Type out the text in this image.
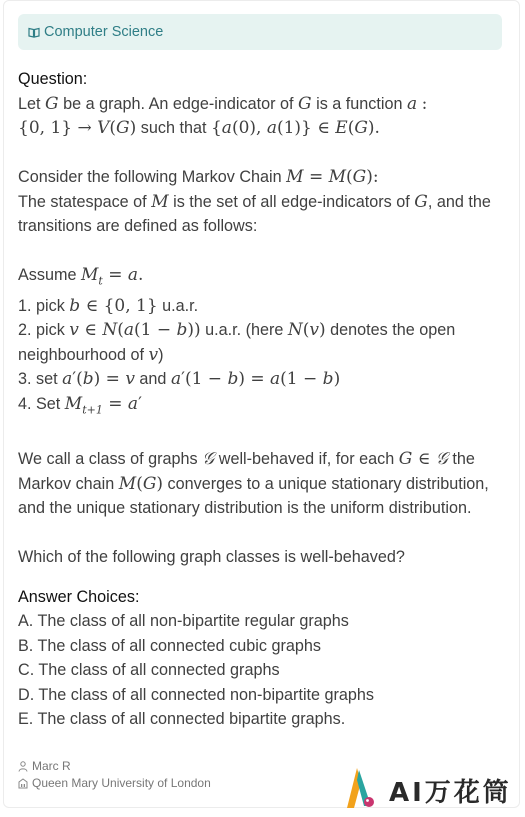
Computer Science
Question:
Let G be a graph. An edge-indicator of G is a function a :
{0, 1} → V(G) such that {a(0), a(1)} ∈ E(G).
Consider the following Markov Chain M = M(G):
The statespace of M is the set of all edge-indicators of G, and the transitions are defined as follows:
Assume $M_t = a$.
1. pick b ∈ {0, 1} u.a.r.
2. pick v ∈ N(a(1 − b)) u.a.r. (here N(v) denotes the open neighbourhood of v)
3. set a′(b) = v and a′(1 − b) = a(1 − b)
4. Set $M_{t+1} = a'$
We call a class of graphs 𝒢 well-behaved if, for each G ∈ 𝒢 the Markov chain M(G) converges to a unique stationary distribution, and the unique stationary distribution is the uniform distribution.
Which of the following graph classes is well-behaved?
Answer Choices:
A. The class of all non-bipartite regular graphs
B. The class of all connected cubic graphs
C. The class of all connected graphs
D. The class of all connected non-bipartite graphs
E. The class of all connected bipartite graphs.
Marc R
Queen Mary University of London	AI万花筒
